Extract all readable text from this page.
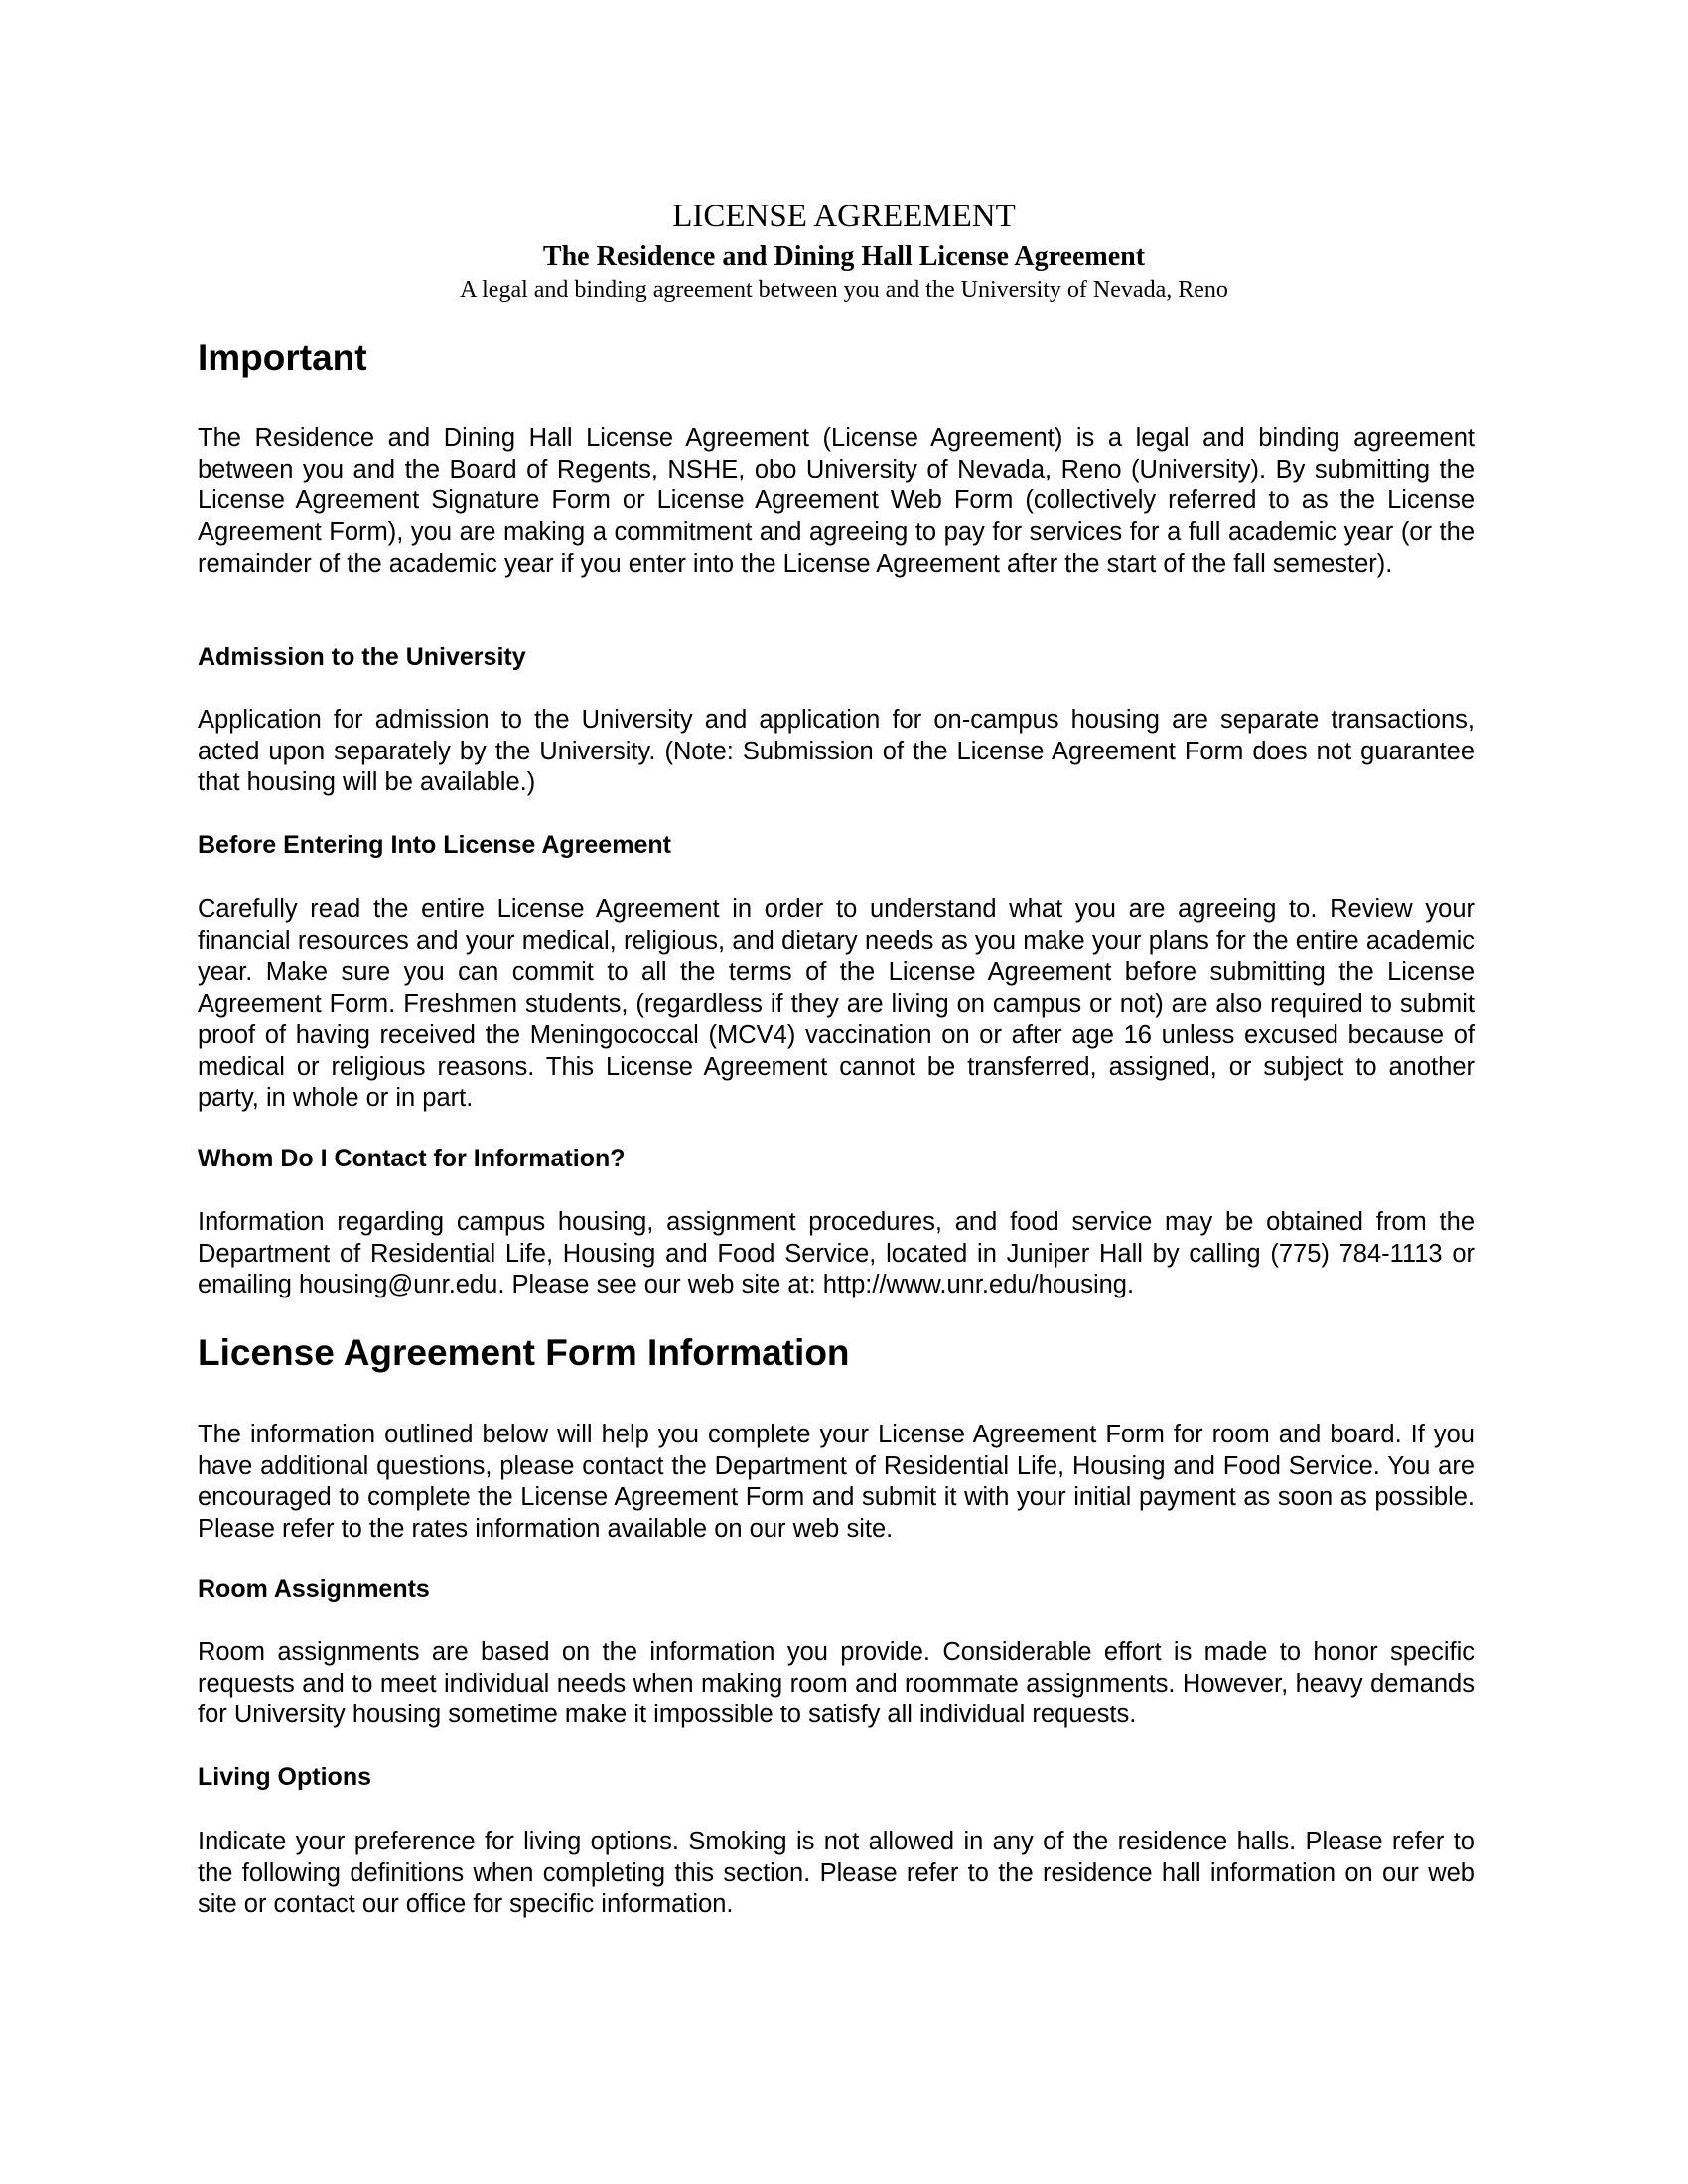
LICENSE AGREEMENT
The Residence and Dining Hall License Agreement
A legal and binding agreement between you and the University of Nevada, Reno
Important
The Residence and Dining Hall License Agreement (License Agreement) is a legal and binding agreement between you and the Board of Regents, NSHE, obo University of Nevada, Reno (University). By submitting the License Agreement Signature Form or License Agreement Web Form (collectively referred to as the License Agreement Form), you are making a commitment and agreeing to pay for services for a full academic year (or the remainder of the academic year if you enter into the License Agreement after the start of the fall semester).
Admission to the University
Application for admission to the University and application for on-campus housing are separate transactions, acted upon separately by the University. (Note: Submission of the License Agreement Form does not guarantee that housing will be available.)
Before Entering Into License Agreement
Carefully read the entire License Agreement in order to understand what you are agreeing to. Review your financial resources and your medical, religious, and dietary needs as you make your plans for the entire academic year. Make sure you can commit to all the terms of the License Agreement before submitting the License Agreement Form. Freshmen students, (regardless if they are living on campus or not) are also required to submit proof of having received the Meningococcal (MCV4) vaccination on or after age 16 unless excused because of medical or religious reasons. This License Agreement cannot be transferred, assigned, or subject to another party, in whole or in part.
Whom Do I Contact for Information?
Information regarding campus housing, assignment procedures, and food service may be obtained from the Department of Residential Life, Housing and Food Service, located in Juniper Hall by calling (775) 784-1113 or emailing housing@unr.edu. Please see our web site at: http://www.unr.edu/housing.
License Agreement Form Information
The information outlined below will help you complete your License Agreement Form for room and board. If you have additional questions, please contact the Department of Residential Life, Housing and Food Service. You are encouraged to complete the License Agreement Form and submit it with your initial payment as soon as possible. Please refer to the rates information available on our web site.
Room Assignments
Room assignments are based on the information you provide. Considerable effort is made to honor specific requests and to meet individual needs when making room and roommate assignments. However, heavy demands for University housing sometime make it impossible to satisfy all individual requests.
Living Options
Indicate your preference for living options. Smoking is not allowed in any of the residence halls. Please refer to the following definitions when completing this section. Please refer to the residence hall information on our web site or contact our office for specific information.
